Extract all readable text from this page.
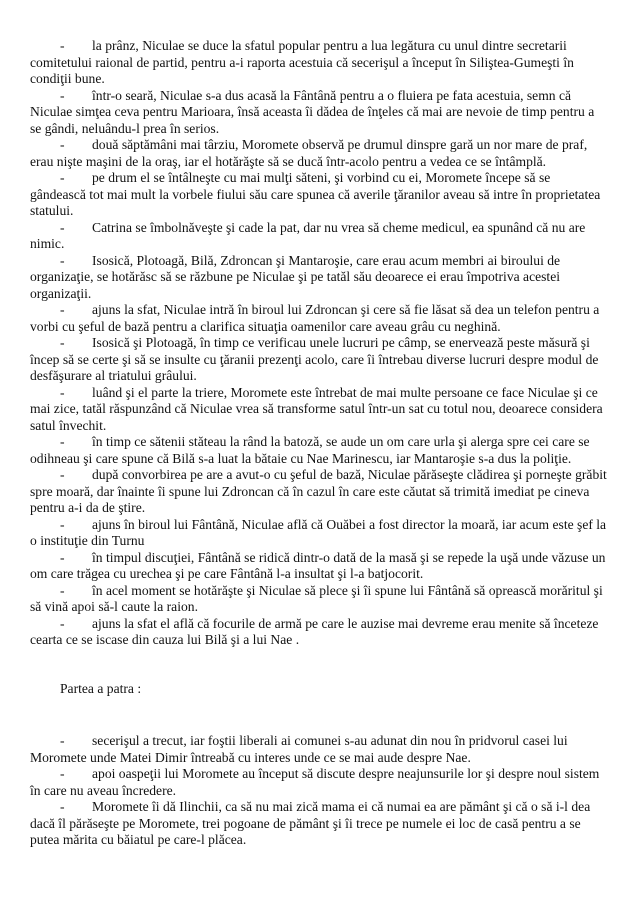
- la prânz, Niculae se duce la sfatul popular pentru a lua legătura cu unul dintre secretarii comitetului raional de partid, pentru a-i raporta acestuia că secerişul a început în Siliştea-Gumeşti în condiţii bune.

- într-o seară, Niculae s-a dus acasă la Fântână pentru a o fluiera pe fata acestuia, semn că Niculae simţea ceva pentru Marioara, însă aceasta îi dădea de înţeles că mai are nevoie de timp pentru a se gândi, neluându-l prea în serios.

- două săptămâni mai târziu, Moromete observă pe drumul dinspre gară un nor mare de praf, erau nişte maşini de la oraş, iar el hotărăşte să se ducă într-acolo pentru a vedea ce se întâmplă.

- pe drum el se întâlneşte cu mai mulţi săteni, şi vorbind cu ei, Moromete începe să se gândească tot mai mult la vorbele fiului său care spunea că averile ţăranilor aveau să intre în proprietatea statului.

- Catrina se îmbolnăveşte şi cade la pat, dar nu vrea să cheme medicul, ea spunând că nu are nimic.

- Isosică, Plotoagă, Bilă, Zdroncan şi Mantaroşie, care erau acum membri ai biroului de organizaţie, se hotărăsc să se răzbune pe Niculae şi pe tatăl său deoarece ei erau împotriva acestei organizaţii.

- ajuns la sfat, Niculae intră în biroul lui Zdroncan şi cere să fie lăsat să dea un telefon pentru a vorbi cu şeful de bază pentru a clarifica situaţia oamenilor care aveau grâu cu neghină.

- Isosică şi Plotoagă, în timp ce verificau unele lucruri pe câmp, se enervează peste măsură şi încep să se certe şi să se insulte cu ţăranii prezenţi acolo, care îi întrebau diverse lucruri despre modul de desfăşurare al triatului grâului.

- luând şi el parte la triere, Moromete este întrebat de mai multe persoane ce face Niculae şi ce mai zice, tatăl răspunzând că Niculae vrea să transforme satul într-un sat cu totul nou, deoarece considera satul învechit.

- în timp ce sătenii stăteau la rând la batoză, se aude un om care urla şi alerga spre cei care se odihneau şi care spune că Bilă s-a luat la bătaie cu Nae Marinescu, iar Mantaroşie s-a dus la poliţie.

- după convorbirea pe are a avut-o cu şeful de bază, Niculae părăseşte clădirea şi porneşte grăbit spre moară, dar înainte îi spune lui Zdroncan că în cazul în care este căutat să trimită imediat pe cineva pentru a-i da de ştire.

- ajuns în biroul lui Fântână, Niculae află că Ouăbei a fost director la moară, iar acum este şef la o instituţie din Turnu

- în timpul discuţiei, Fântână se ridică dintr-o dată de la masă şi se repede la uşă unde văzuse un om care trăgea cu urechea şi pe care Fântână l-a insultat şi l-a batjocorit.

- în acel moment se hotărăşte şi Niculae să plece şi îi spune lui Fântână să oprească morăritul şi să vină apoi să-l caute la raion.

- ajuns la sfat el află că focurile de armă pe care le auzise mai devreme erau menite să înceteze cearta ce se iscase din cauza lui Bilă şi a lui Nae .

Partea a patra :

- secerişul a trecut, iar foştii liberali ai comunei s-au adunat din nou în pridvorul casei lui Moromete unde Matei Dimir întreabă cu interes unde ce se mai aude despre Nae.

- apoi oaspeţii lui Moromete au început să discute despre neajunsurile lor şi despre noul sistem în care nu aveau încredere.

- Moromete îi dă Ilinchii, ca să nu mai zică mama ei că numai ea are pământ şi că o să i-l dea dacă îl părăseşte pe Moromete, trei pogoane de pământ şi îi trece pe numele ei loc de casă pentru a se putea mărita cu băiatul pe care-l plăcea.
